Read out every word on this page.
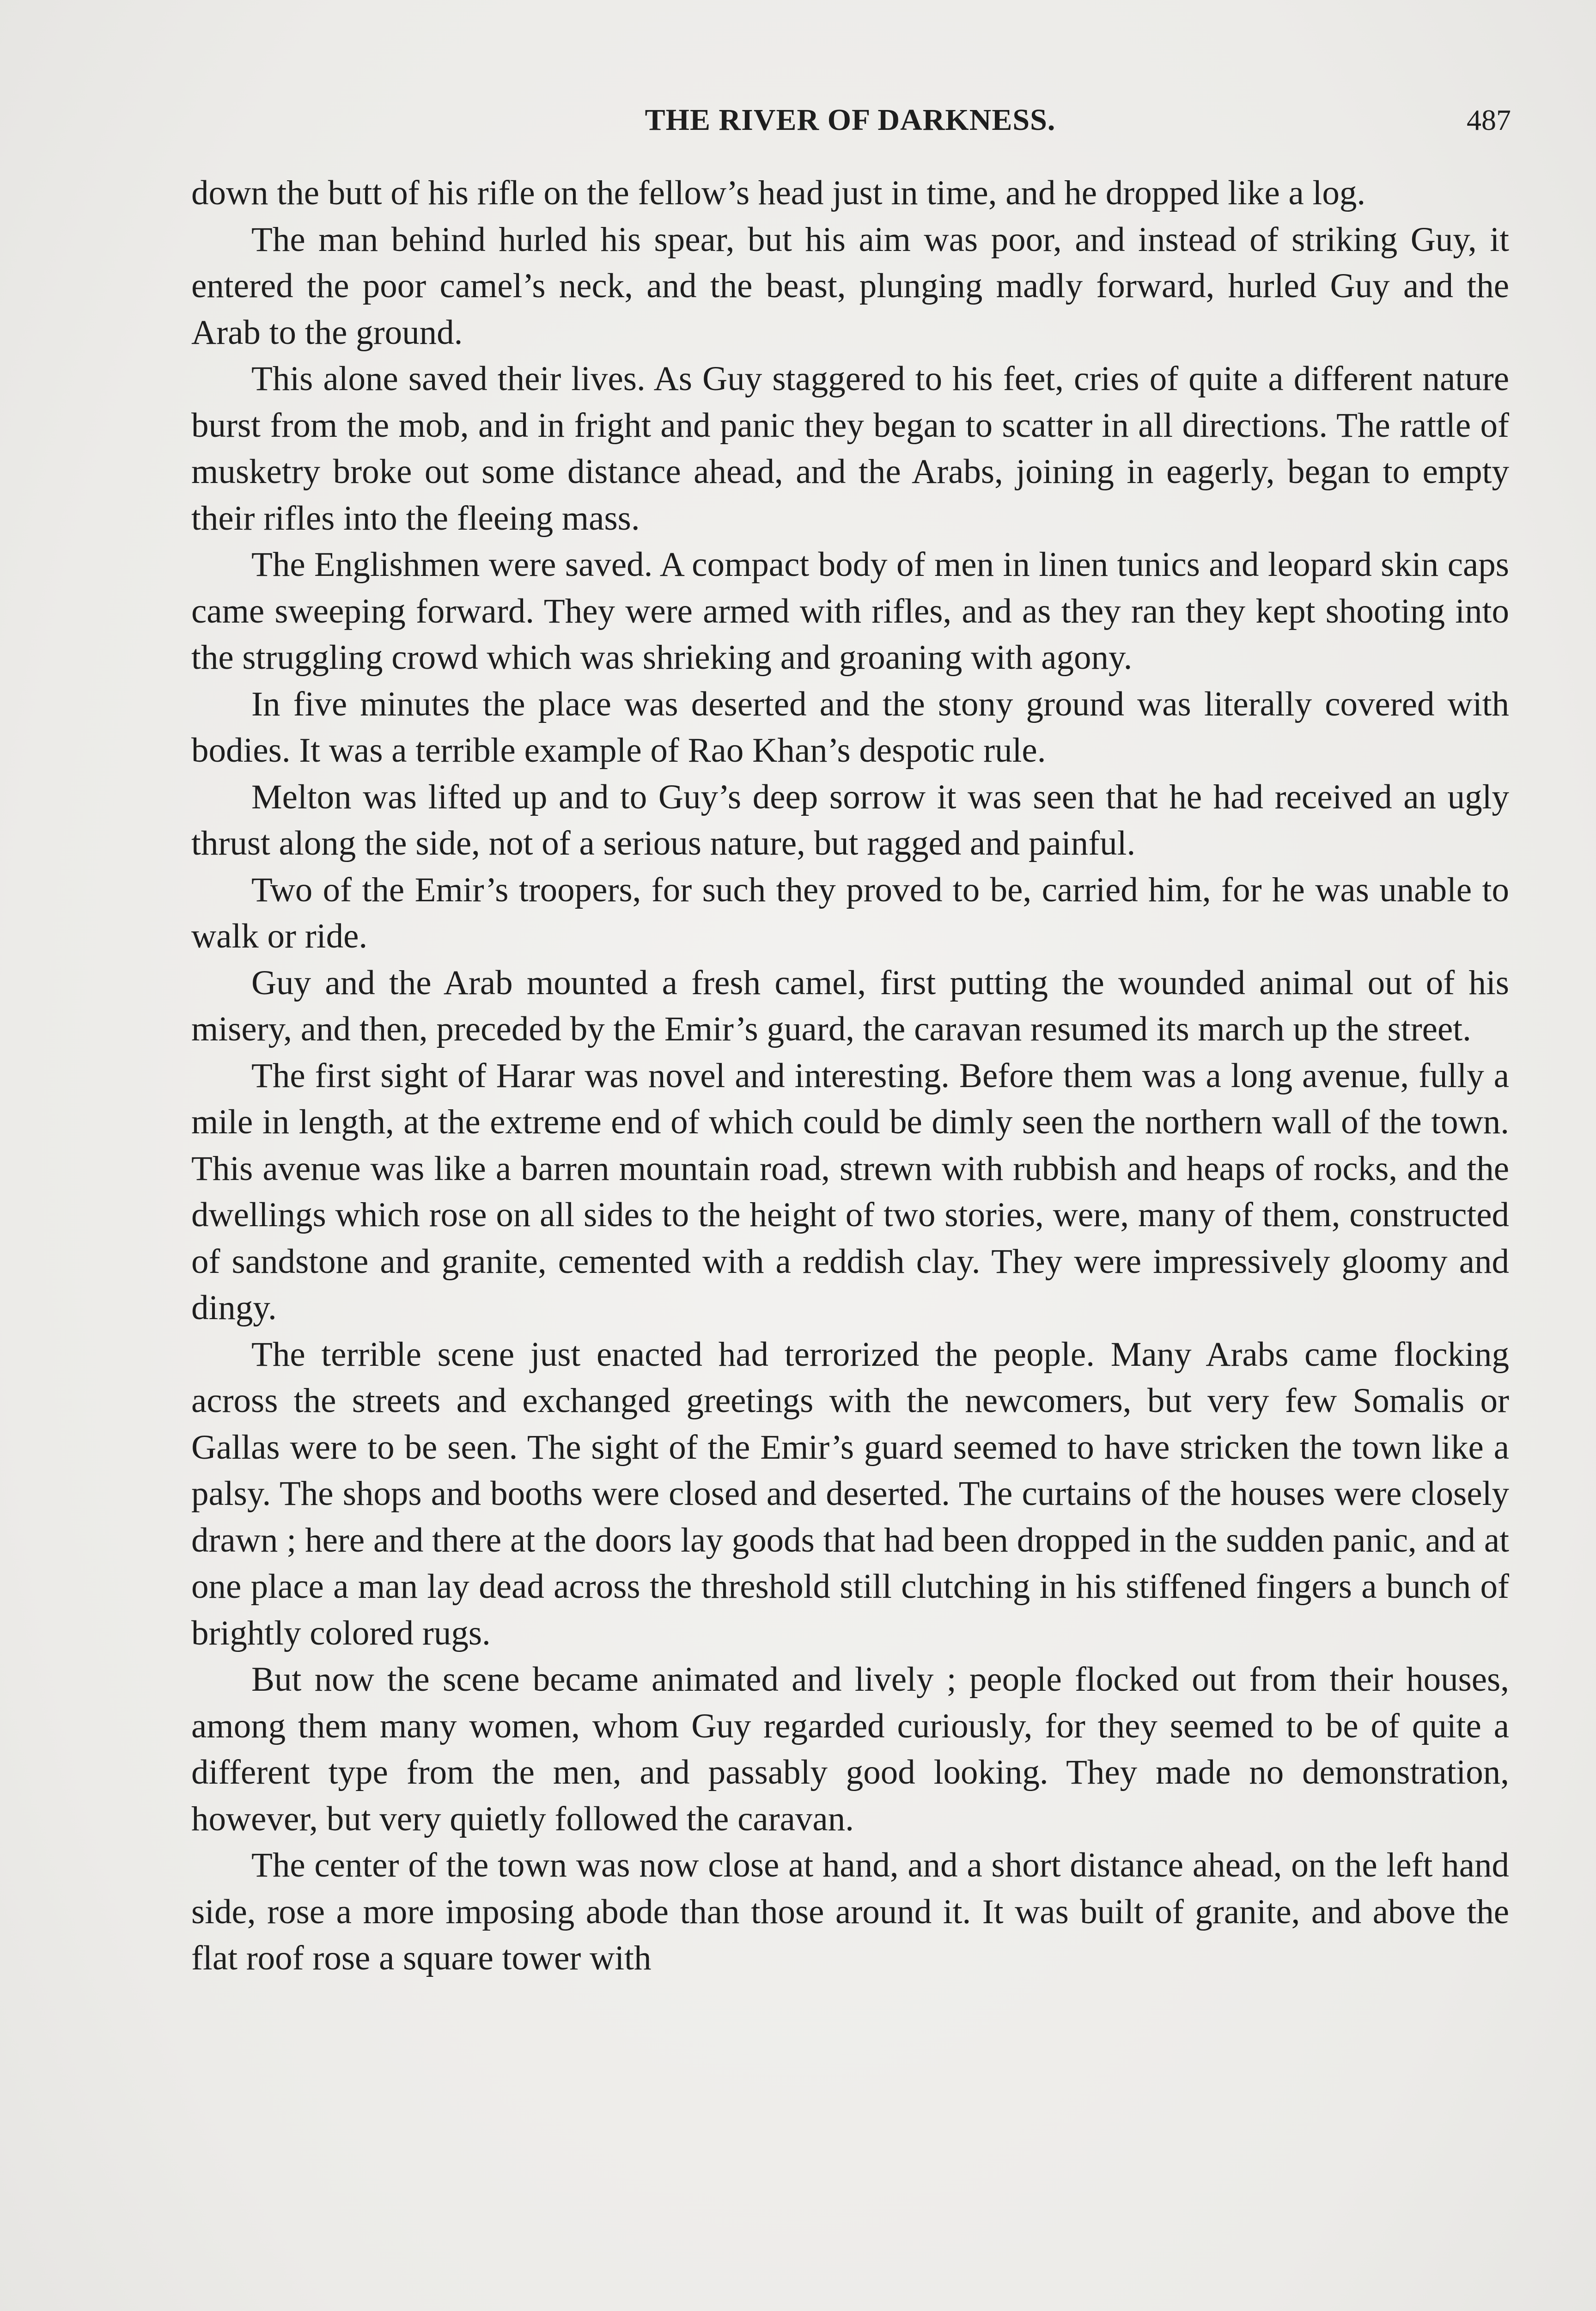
THE RIVER OF DARKNESS.	487

down the butt of his rifle on the fellow’s head just in time, and he dropped like a log.

The man behind hurled his spear, but his aim was poor, and instead of striking Guy, it entered the poor camel’s neck, and the beast, plunging madly forward, hurled Guy and the Arab to the ground.

This alone saved their lives. As Guy staggered to his feet, cries of quite a different nature burst from the mob, and in fright and panic they began to scatter in all directions. The rattle of musketry broke out some distance ahead, and the Arabs, joining in eagerly, began to empty their rifles into the fleeing mass.

The Englishmen were saved. A compact body of men in linen tunics and leopard skin caps came sweeping forward. They were armed with rifles, and as they ran they kept shooting into the struggling crowd which was shrieking and groaning with agony.

In five minutes the place was deserted and the stony ground was literally covered with bodies. It was a terrible example of Rao Khan’s despotic rule.

Melton was lifted up and to Guy’s deep sorrow it was seen that he had received an ugly thrust along the side, not of a serious nature, but ragged and painful.

Two of the Emir’s troopers, for such they proved to be, carried him, for he was unable to walk or ride.

Guy and the Arab mounted a fresh camel, first putting the wounded animal out of his misery, and then, preceded by the Emir’s guard, the caravan resumed its march up the street.

The first sight of Harar was novel and interesting. Before them was a long avenue, fully a mile in length, at the extreme end of which could be dimly seen the northern wall of the town. This avenue was like a barren mountain road, strewn with rubbish and heaps of rocks, and the dwellings which rose on all sides to the height of two stories, were, many of them, constructed of sandstone and granite, cemented with a reddish clay. They were impressively gloomy and dingy.

The terrible scene just enacted had terrorized the people. Many Arabs came flocking across the streets and exchanged greetings with the newcomers, but very few Somalis or Gallas were to be seen. The sight of the Emir’s guard seemed to have stricken the town like a palsy. The shops and booths were closed and deserted. The curtains of the houses were closely drawn ; here and there at the doors lay goods that had been dropped in the sudden panic, and at one place a man lay dead across the threshold still clutching in his stiffened fingers a bunch of brightly colored rugs.

But now the scene became animated and lively ; people flocked out from their houses, among them many women, whom Guy regarded curiously, for they seemed to be of quite a different type from the men, and passably good looking. They made no demonstration, however, but very quietly followed the caravan.

The center of the town was now close at hand, and a short distance ahead, on the left hand side, rose a more imposing abode than those around it. It was built of granite, and above the flat roof rose a square tower with
